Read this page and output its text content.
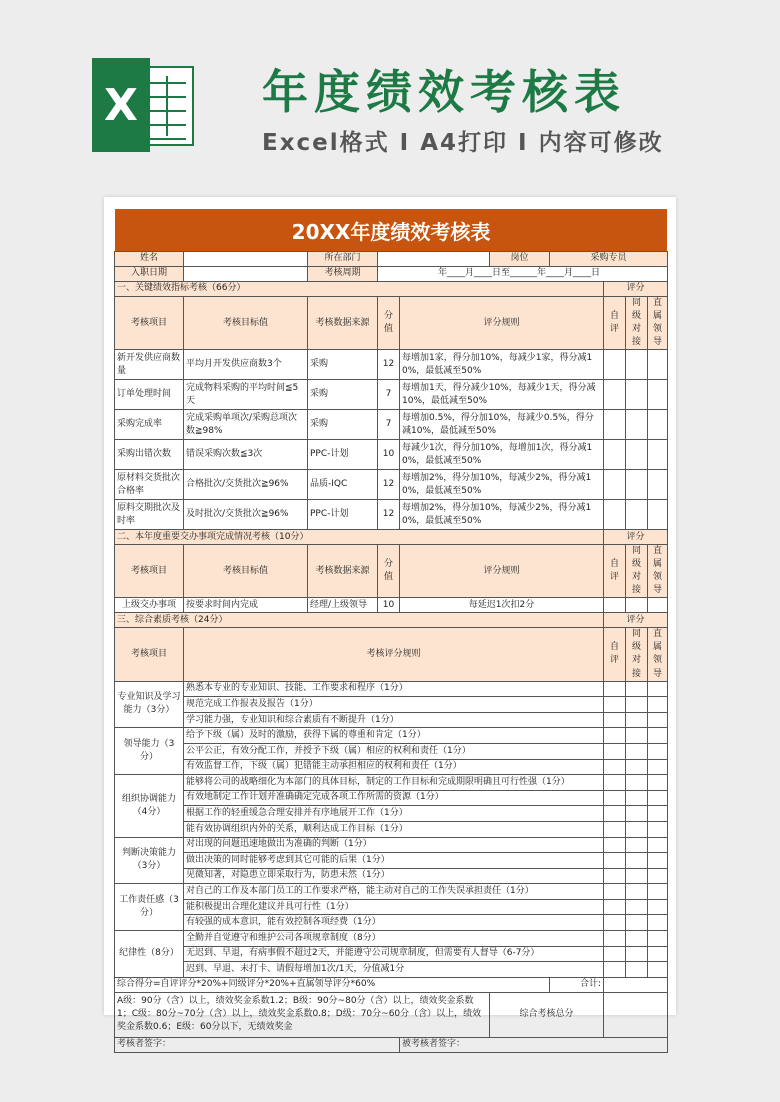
X	年度绩效考核表
Excel格式 I A4打印 I 内容可修改
20XX年度绩效考核表
姓名		所在部门			岗位	采购专员			
入职日期		考核周期	年____月____日至______年____月____日						
一、关键绩效指标考核（66分）							评分		
考核项目	考核目标值	考核数据来源	分值	评分规则			自评	同级对接	直属领导
新开发供应商数量	平均月开发供应商数3个	采购	12	每增加1家，得分加10%，每减少1家，得分减10%，最低减至50%					
订单处理时间	完成物料采购的平均时间≦5天	采购	7	每增加1天，得分减少10%，每减少1天，得分减10%，最低减至50%					
采购完成率	完成采购单项次/采购总项次数≧98%	采购	7	每增加0.5%，得分加10%，每减少0.5%，得分减10%，最低减至50%					
采购出错次数	错误采购次数≦3次	PPC-计划	10	每减少1次，得分加10%，每增加1次，得分减10%，最低减至50%					
原材料交货批次合格率	合格批次/交货批次≧96%	品质-IQC	12	每增加2%，得分加10%，每减少2%，得分减10%，最低减至50%					
原料交期批次及时率	及时批次/交货批次≧96%	PPC-计划	12	每增加2%，得分加10%，每减少2%，得分减10%，最低减至50%					
二、本年度重要交办事项完成情况考核（10分）							评分		
考核项目	考核目标值	考核数据来源	分值	评分规则			自评	同级对接	直属领导
上级交办事项	按要求时间内完成	经理/上级领导	10	每延迟1次扣2分					
三、综合素质考核（24分）							评分		
考核项目	考核评分规则						自评	同级对接	直属领导
专业知识及学习能力（3分）	熟悉本专业的专业知识、技能、工作要求和程序（1分）								
	规范完成工作报表及报告（1分）								
	学习能力强，专业知识和综合素质有不断提升（1分）								
领导能力（3分）	给予下级（属）及时的激励，获得下属的尊重和肯定（1分）								
	公平公正，有效分配工作，并授予下级（属）相应的权利和责任（1分）								
	有效监督工作，下级（属）犯错能主动承担相应的权利和责任（1分）								
组织协调能力（4分）	能够将公司的战略细化为本部门的具体目标，制定的工作目标和完成期限明确且可行性强（1分）								
	有效地制定工作计划并准确确定完成各项工作所需的资源（1分）								
	根据工作的轻重缓急合理安排并有序地展开工作（1分）								
	能有效协调组织内外的关系，顺利达成工作目标（1分）								
判断决策能力（3分）	对出现的问题迅速地做出为准确的判断（1分）								
	做出决策的同时能够考虑到其它可能的后果（1分）								
	见微知著，对隐患立即采取行为，防患未然（1分）								
工作责任感（3分）	对自己的工作及本部门员工的工作要求严格，能主动对自己的工作失误承担责任（1分）								
	能积极提出合理化建议并具可行性（1分）								
	有较强的成本意识，能有效控制各项经费（1分）								
纪律性（8分）	全勤并自觉遵守和维护公司各项规章制度（8分）								
	无迟到、早退，有病事假不超过2天，并能遵守公司规章制度，但需要有人督导（6-7分）								
	迟到、早退、未打卡、请假每增加1次/1天，分值减1分								
综合得分=自评评分*20%+同级评分*20%+直属领导评分*60%						合计:			
A级：90分（含）以上，绩效奖金系数1.2；B级：90分~80分（含）以上，绩效奖金系数1；C级：80分~70分（含）以上，绩效奖金系数0.8；D级：70分~60分（含）以上，绩效奖金系数0.6；E级：60分以下，无绩效奖金					综合考核总分				
考核者签字：				被考核者签字：					
